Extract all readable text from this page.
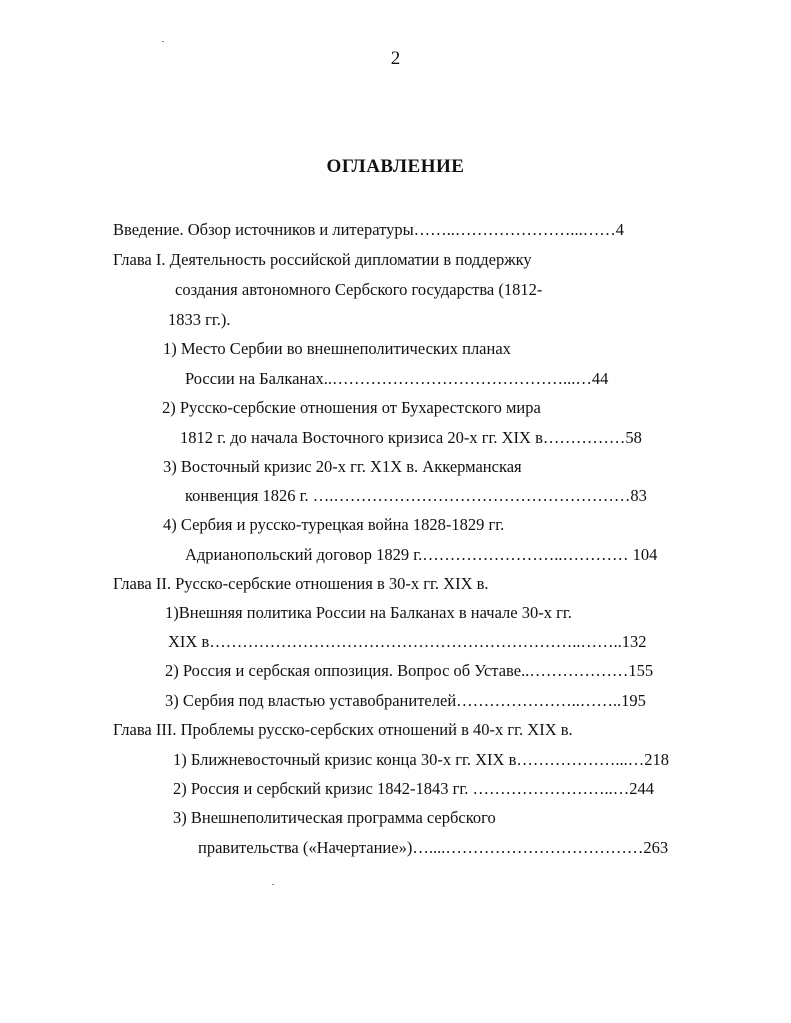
2
ОГЛАВЛЕНИЕ
Введение. Обзор источников и литературы……..…………………...……4
Глава I. Деятельность российской дипломатии в поддержку
создания автономного Сербского государства (1812-
1833 гг.).
1) Место Сербии во внешнеполитических планах
России на Балканах..……………………………………...…44
2) Русско-сербские отношения от Бухарестского мира
1812 г. до начала Восточного кризиса 20-х гг. XIX в……………58
3) Восточный кризис 20-х гг. X1X в. Аккерманская
конвенция 1826 г. ….………………………………………………83
4) Сербия и русско-турецкая война 1828-1829 гг.
Адрианопольский договор 1829 г.……………………..………… 104
Глава II. Русско-сербские отношения в 30-х гг. XIX в.
1)Внешняя политика России на Балканах в начале 30-х гг.
XIX в…………………………………………………………..……..132
2) Россия и сербская оппозиция. Вопрос об Уставе..………………155
3) Сербия под властью уставобранителей…………………..……..195
Глава III. Проблемы русско-сербских отношений в 40-х гг. XIX в.
1) Ближневосточный кризис конца 30-х гг. XIX в………………...…218
2) Россия и сербский кризис 1842-1843 гг. ……………………..…244
3) Внешнеполитическая программа сербского
правительства («Начертание»)…....………………………………263
